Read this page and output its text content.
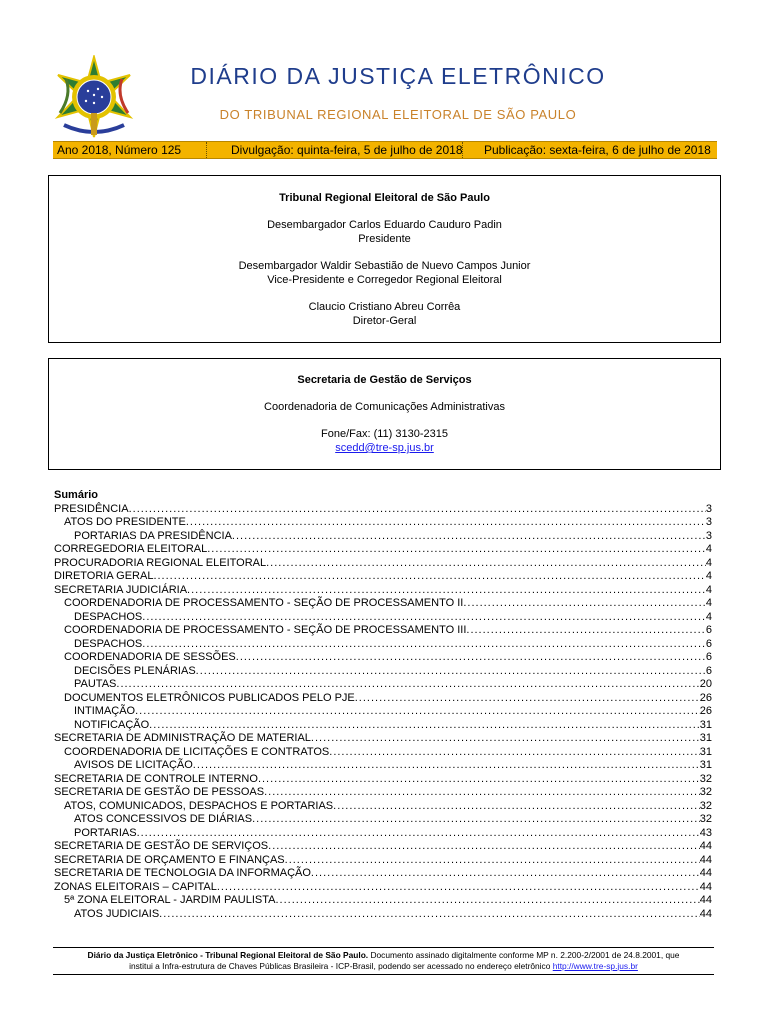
DIÁRIO DA JUSTIÇA ELETRÔNICO
DO TRIBUNAL REGIONAL ELEITORAL DE SÃO PAULO
Ano 2018, Número 125	Divulgação: quinta-feira, 5 de julho de 2018 Publicação: sexta-feira, 6 de julho de 2018
Tribunal Regional Eleitoral de São Paulo
Desembargador Carlos Eduardo Cauduro Padin
Presidente
Desembargador Waldir Sebastião de Nuevo Campos Junior
Vice-Presidente e Corregedor Regional Eleitoral
Claucio Cristiano Abreu Corrêa
Diretor-Geral
Secretaria de Gestão de Serviços
Coordenadoria de Comunicações Administrativas
Fone/Fax: (11) 3130-2315
scedd@tre-sp.jus.br
Sumário
PRESIDÊNCIA .....	3
ATOS DO PRESIDENTE .....	3
PORTARIAS DA PRESIDÊNCIA .....	3
CORREGEDORIA ELEITORAL .....	4
PROCURADORIA REGIONAL ELEITORAL .....	4
DIRETORIA GERAL .....	4
SECRETARIA JUDICIÁRIA .....	4
COORDENADORIA DE PROCESSAMENTO - SEÇÃO DE PROCESSAMENTO II .....	4
DESPACHOS .....	4
COORDENADORIA DE PROCESSAMENTO - SEÇÃO DE PROCESSAMENTO III .....	6
DESPACHOS .....	6
COORDENADORIA DE SESSÕES .....	6
DECISÕES PLENÁRIAS .....	6
PAUTAS .....	20
DOCUMENTOS ELETRÔNICOS PUBLICADOS PELO PJE .....	26
INTIMAÇÃO .....	26
NOTIFICAÇÃO .....	31
SECRETARIA DE ADMINISTRAÇÃO DE MATERIAL .....	31
COORDENADORIA DE LICITAÇÕES E CONTRATOS .....	31
AVISOS DE LICITAÇÃO .....	31
SECRETARIA DE CONTROLE INTERNO .....	32
SECRETARIA DE GESTÃO DE PESSOAS .....	32
ATOS, COMUNICADOS, DESPACHOS E PORTARIAS .....	32
ATOS CONCESSIVOS DE DIÁRIAS .....	32
PORTARIAS .....	43
SECRETARIA DE GESTÃO DE SERVIÇOS .....	44
SECRETARIA DE ORÇAMENTO E FINANÇAS .....	44
SECRETARIA DE TECNOLOGIA DA INFORMAÇÃO .....	44
ZONAS ELEITORAIS – CAPITAL .....	44
5ª ZONA ELEITORAL - JARDIM PAULISTA .....	44
ATOS JUDICIAIS .....	44
Diário da Justiça Eletrônico - Tribunal Regional Eleitoral de São Paulo. Documento assinado digitalmente conforme MP n. 2.200-2/2001 de 24.8.2001, que
institui a Infra-estrutura de Chaves Públicas Brasileira - ICP-Brasil, podendo ser acessado no endereço eletrônico http://www.tre-sp.jus.br
